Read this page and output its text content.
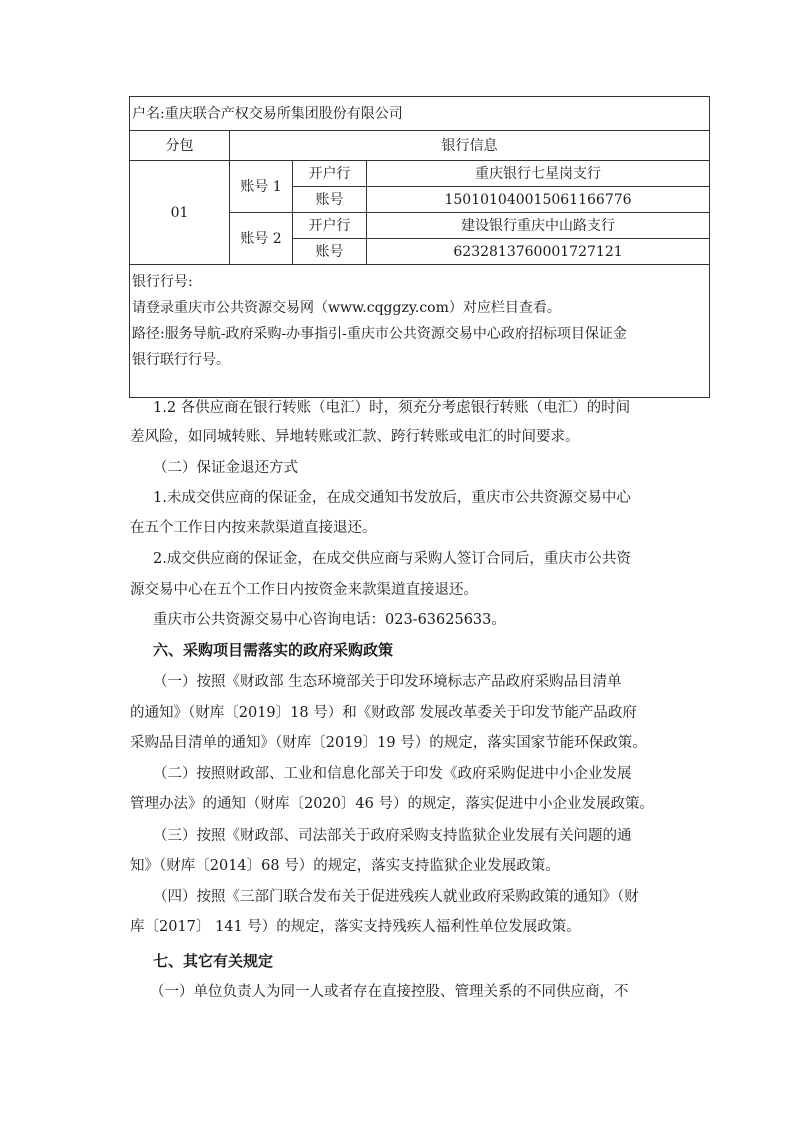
户名:重庆联合产权交易所集团股份有限公司			
分包	银行信息		
01	账号 1	开户行	重庆银行七星岗支行
		账号	150101040015061166776
	账号 2	开户行	建设银行重庆中山路支行
		账号	6232813760001727121

银行行号:
请登录重庆市公共资源交易网（www.cqggzy.com）对应栏目查看。
路径:服务导航-政府采购-办事指引-重庆市公共资源交易中心政府招标项目保证金
银行联行行号。			
1.2 各供应商在银行转账（电汇）时，须充分考虑银行转账（电汇）的时间
差风险，如同城转账、异地转账或汇款、跨行转账或电汇的时间要求。
（二）保证金退还方式
1.未成交供应商的保证金，在成交通知书发放后，重庆市公共资源交易中心
在五个工作日内按来款渠道直接退还。
2.成交供应商的保证金，在成交供应商与采购人签订合同后，重庆市公共资
源交易中心在五个工作日内按资金来款渠道直接退还。
重庆市公共资源交易中心咨询电话：023-63625633。
六、采购项目需落实的政府采购政策
（一）按照《财政部 生态环境部关于印发环境标志产品政府采购品目清单
的通知》（财库〔2019〕18 号）和《财政部 发展改革委关于印发节能产品政府
采购品目清单的通知》（财库〔2019〕19 号）的规定，落实国家节能环保政策。
（二）按照财政部、工业和信息化部关于印发《政府采购促进中小企业发展
管理办法》的通知（财库〔2020〕46 号）的规定，落实促进中小企业发展政策。
（三）按照《财政部、司法部关于政府采购支持监狱企业发展有关问题的通
知》（财库〔2014〕68 号）的规定，落实支持监狱企业发展政策。
（四）按照《三部门联合发布关于促进残疾人就业政府采购政策的通知》（财
库〔2017〕 141 号）的规定，落实支持残疾人福利性单位发展政策。
七、其它有关规定
（一）单位负责人为同一人或者存在直接控股、管理关系的不同供应商，不
